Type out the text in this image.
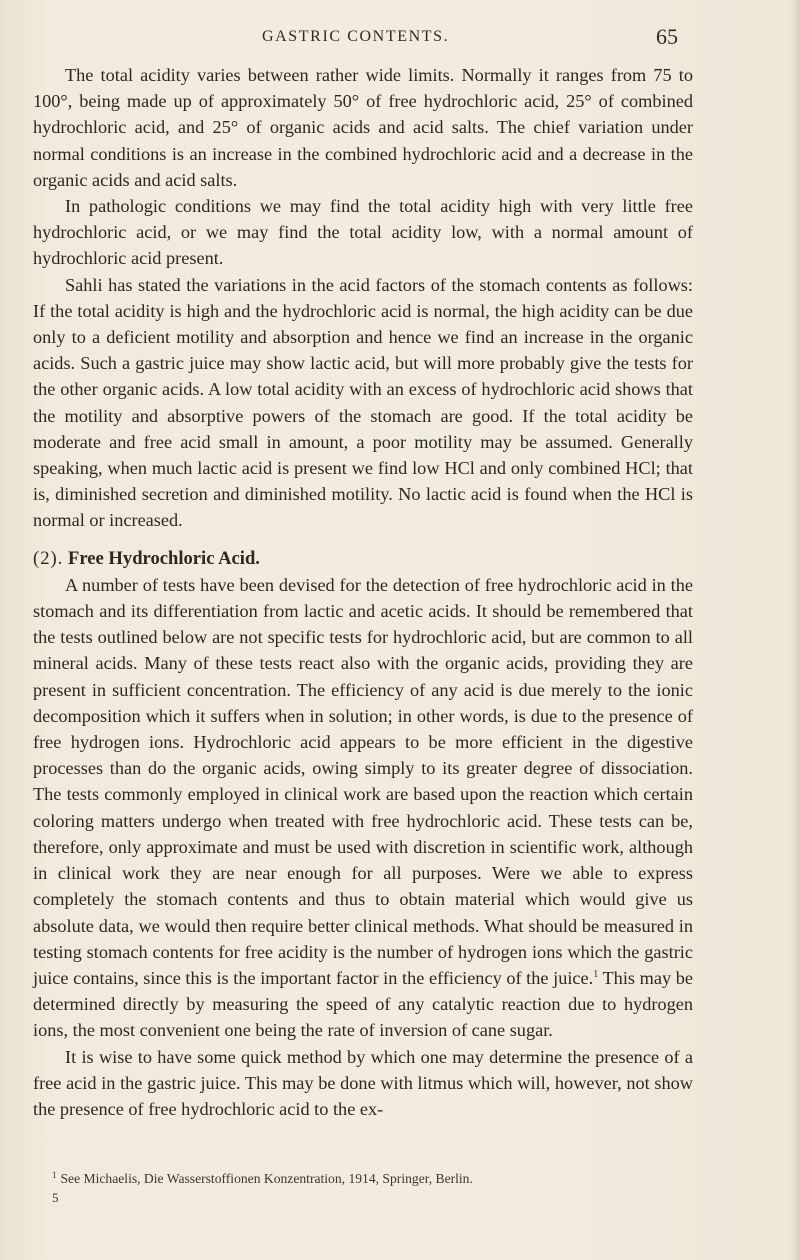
GASTRIC CONTENTS.	65

The total acidity varies between rather wide limits. Normally it ranges from 75 to 100°, being made up of approximately 50° of free hydrochloric acid, 25° of combined hydrochloric acid, and 25° of organic acids and acid salts. The chief variation under normal conditions is an increase in the combined hydrochloric acid and a decrease in the organic acids and acid salts.

In pathologic conditions we may find the total acidity high with very little free hydrochloric acid, or we may find the total acidity low, with a normal amount of hydrochloric acid present.

Sahli has stated the variations in the acid factors of the stomach contents as follows: If the total acidity is high and the hydrochloric acid is normal, the high acidity can be due only to a deficient motility and absorption and hence we find an increase in the organic acids. Such a gastric juice may show lactic acid, but will more probably give the tests for the other organic acids. A low total acidity with an excess of hydrochloric acid shows that the motility and absorptive powers of the stomach are good. If the total acidity be moderate and free acid small in amount, a poor motility may be assumed. Generally speaking, when much lactic acid is present we find low HCl and only combined HCl; that is, diminished secretion and diminished motility. No lactic acid is found when the HCl is normal or increased.

(2). Free Hydrochloric Acid.

A number of tests have been devised for the detection of free hydrochloric acid in the stomach and its differentiation from lactic and acetic acids. It should be remembered that the tests outlined below are not specific tests for hydrochloric acid, but are common to all mineral acids. Many of these tests react also with the organic acids, providing they are present in sufficient concentration. The efficiency of any acid is due merely to the ionic decomposition which it suffers when in solution; in other words, is due to the presence of free hydrogen ions. Hydrochloric acid appears to be more efficient in the digestive processes than do the organic acids, owing simply to its greater degree of dissociation. The tests commonly employed in clinical work are based upon the reaction which certain coloring matters undergo when treated with free hydrochloric acid. These tests can be, therefore, only approximate and must be used with discretion in scientific work, although in clinical work they are near enough for all purposes. Were we able to express completely the stomach contents and thus to obtain material which would give us absolute data, we would then require better clinical methods. What should be measured in testing stomach contents for free acidity is the number of hydrogen ions which the gastric juice contains, since this is the important factor in the efficiency of the juice.$^1$ This may be determined directly by measuring the speed of any catalytic reaction due to hydrogen ions, the most convenient one being the rate of inversion of cane sugar.

It is wise to have some quick method by which one may determine the presence of a free acid in the gastric juice. This may be done with litmus which will, however, not show the presence of free hydrochloric acid to the ex-

$^1$ See Michaelis, Die Wasserstoffionen Konzentration, 1914, Springer, Berlin.
5
